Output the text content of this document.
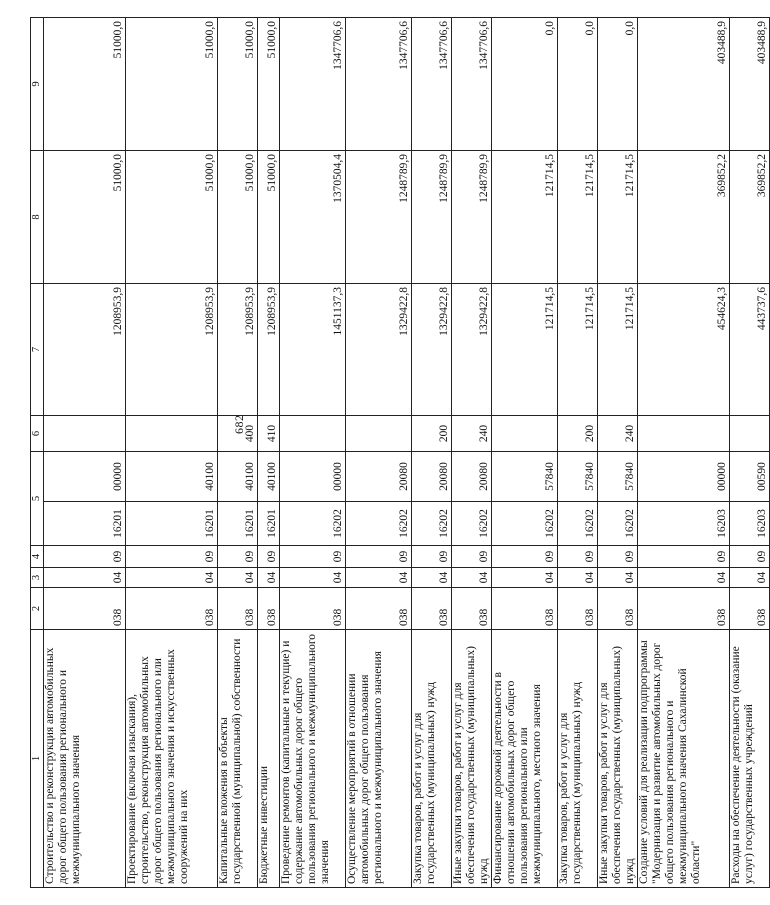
682
1	2	3	4	5		6	7	8	9
Строительство и реконструкция автомобильных дорог общего пользования регионального и межмуниципального значения	038	04	09	16201	00000		1208953,9	51000,0	51000,0
Проектирование (включая изыскания), строительство, реконструкция автомобильных дорог общего пользования регионального или межмуниципального значения и искусственных сооружений на них	038	04	09	16201	40100		1208953,9	51000,0	51000,0
Капитальные вложения в объекты государственной (муниципальной) собственности	038	04	09	16201	40100	400	1208953,9	51000,0	51000,0
Бюджетные инвестиции	038	04	09	16201	40100	410	1208953,9	51000,0	51000,0
Проведение ремонтов (капитальные и текущие) и содержание автомобильных дорог общего пользования регионального и межмуниципального значения	038	04	09	16202	00000		1451137,3	1370504,4	1347706,6
Осуществление мероприятий в отношении автомобильных дорог общего пользования регионального и межмуниципального значения	038	04	09	16202	20080		1329422,8	1248789,9	1347706,6
Закупка товаров, работ и услуг для государственных (муниципальных) нужд	038	04	09	16202	20080	200	1329422,8	1248789,9	1347706,6
Иные закупки товаров, работ и услуг для обеспечения государственных (муниципальных) нужд	038	04	09	16202	20080	240	1329422,8	1248789,9	1347706,6
Финансирование дорожной деятельности в отношении автомобильных дорог общего пользования регионального или межмуниципального, местного значения	038	04	09	16202	57840		121714,5	121714,5	0,0
Закупка товаров, работ и услуг для государственных (муниципальных) нужд	038	04	09	16202	57840	200	121714,5	121714,5	0,0
Иные закупки товаров, работ и услуг для обеспечения государственных (муниципальных) нужд	038	04	09	16202	57840	240	121714,5	121714,5	0,0
Создание условий для реализации подпрограммы "Модернизация и развитие автомобильных дорог общего пользования регионального и межмуниципального значения Сахалинской области"	038	04	09	16203	00000		454624,3	369852,2	403488,9
Расходы на обеспечение деятельности (оказание услуг) государственных учреждений	038	04	09	16203	00590		443737,6	369852,2	403488,9
